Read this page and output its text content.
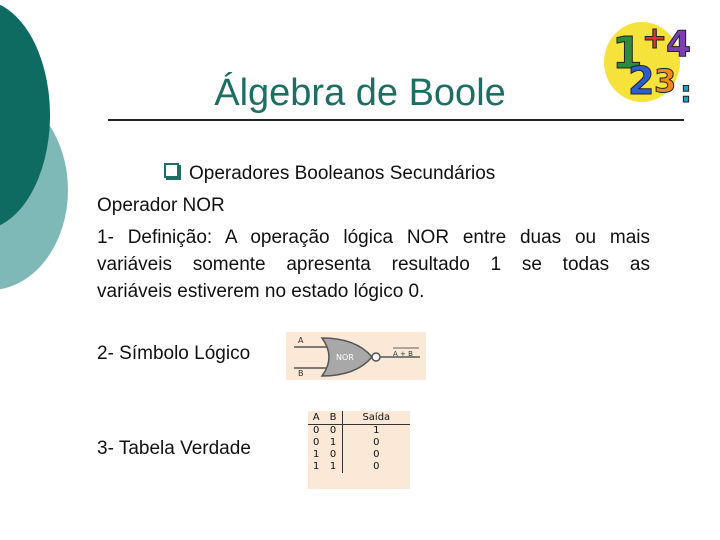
1 +
4
2 3 :
Álgebra de Boole
Operadores Booleanos Secundários
Operador NOR
1- Definição: A operação lógica NOR entre duas ou mais
variáveis somente apresenta resultado 1 se todas as
variáveis estiverem no estado lógico 0.
2- Símbolo Lógico
A
B
NOR	A + B
3- Tabela Verdade
A	B	Saída
0	0	1
0	1	0
1	0	0
1	1	0
